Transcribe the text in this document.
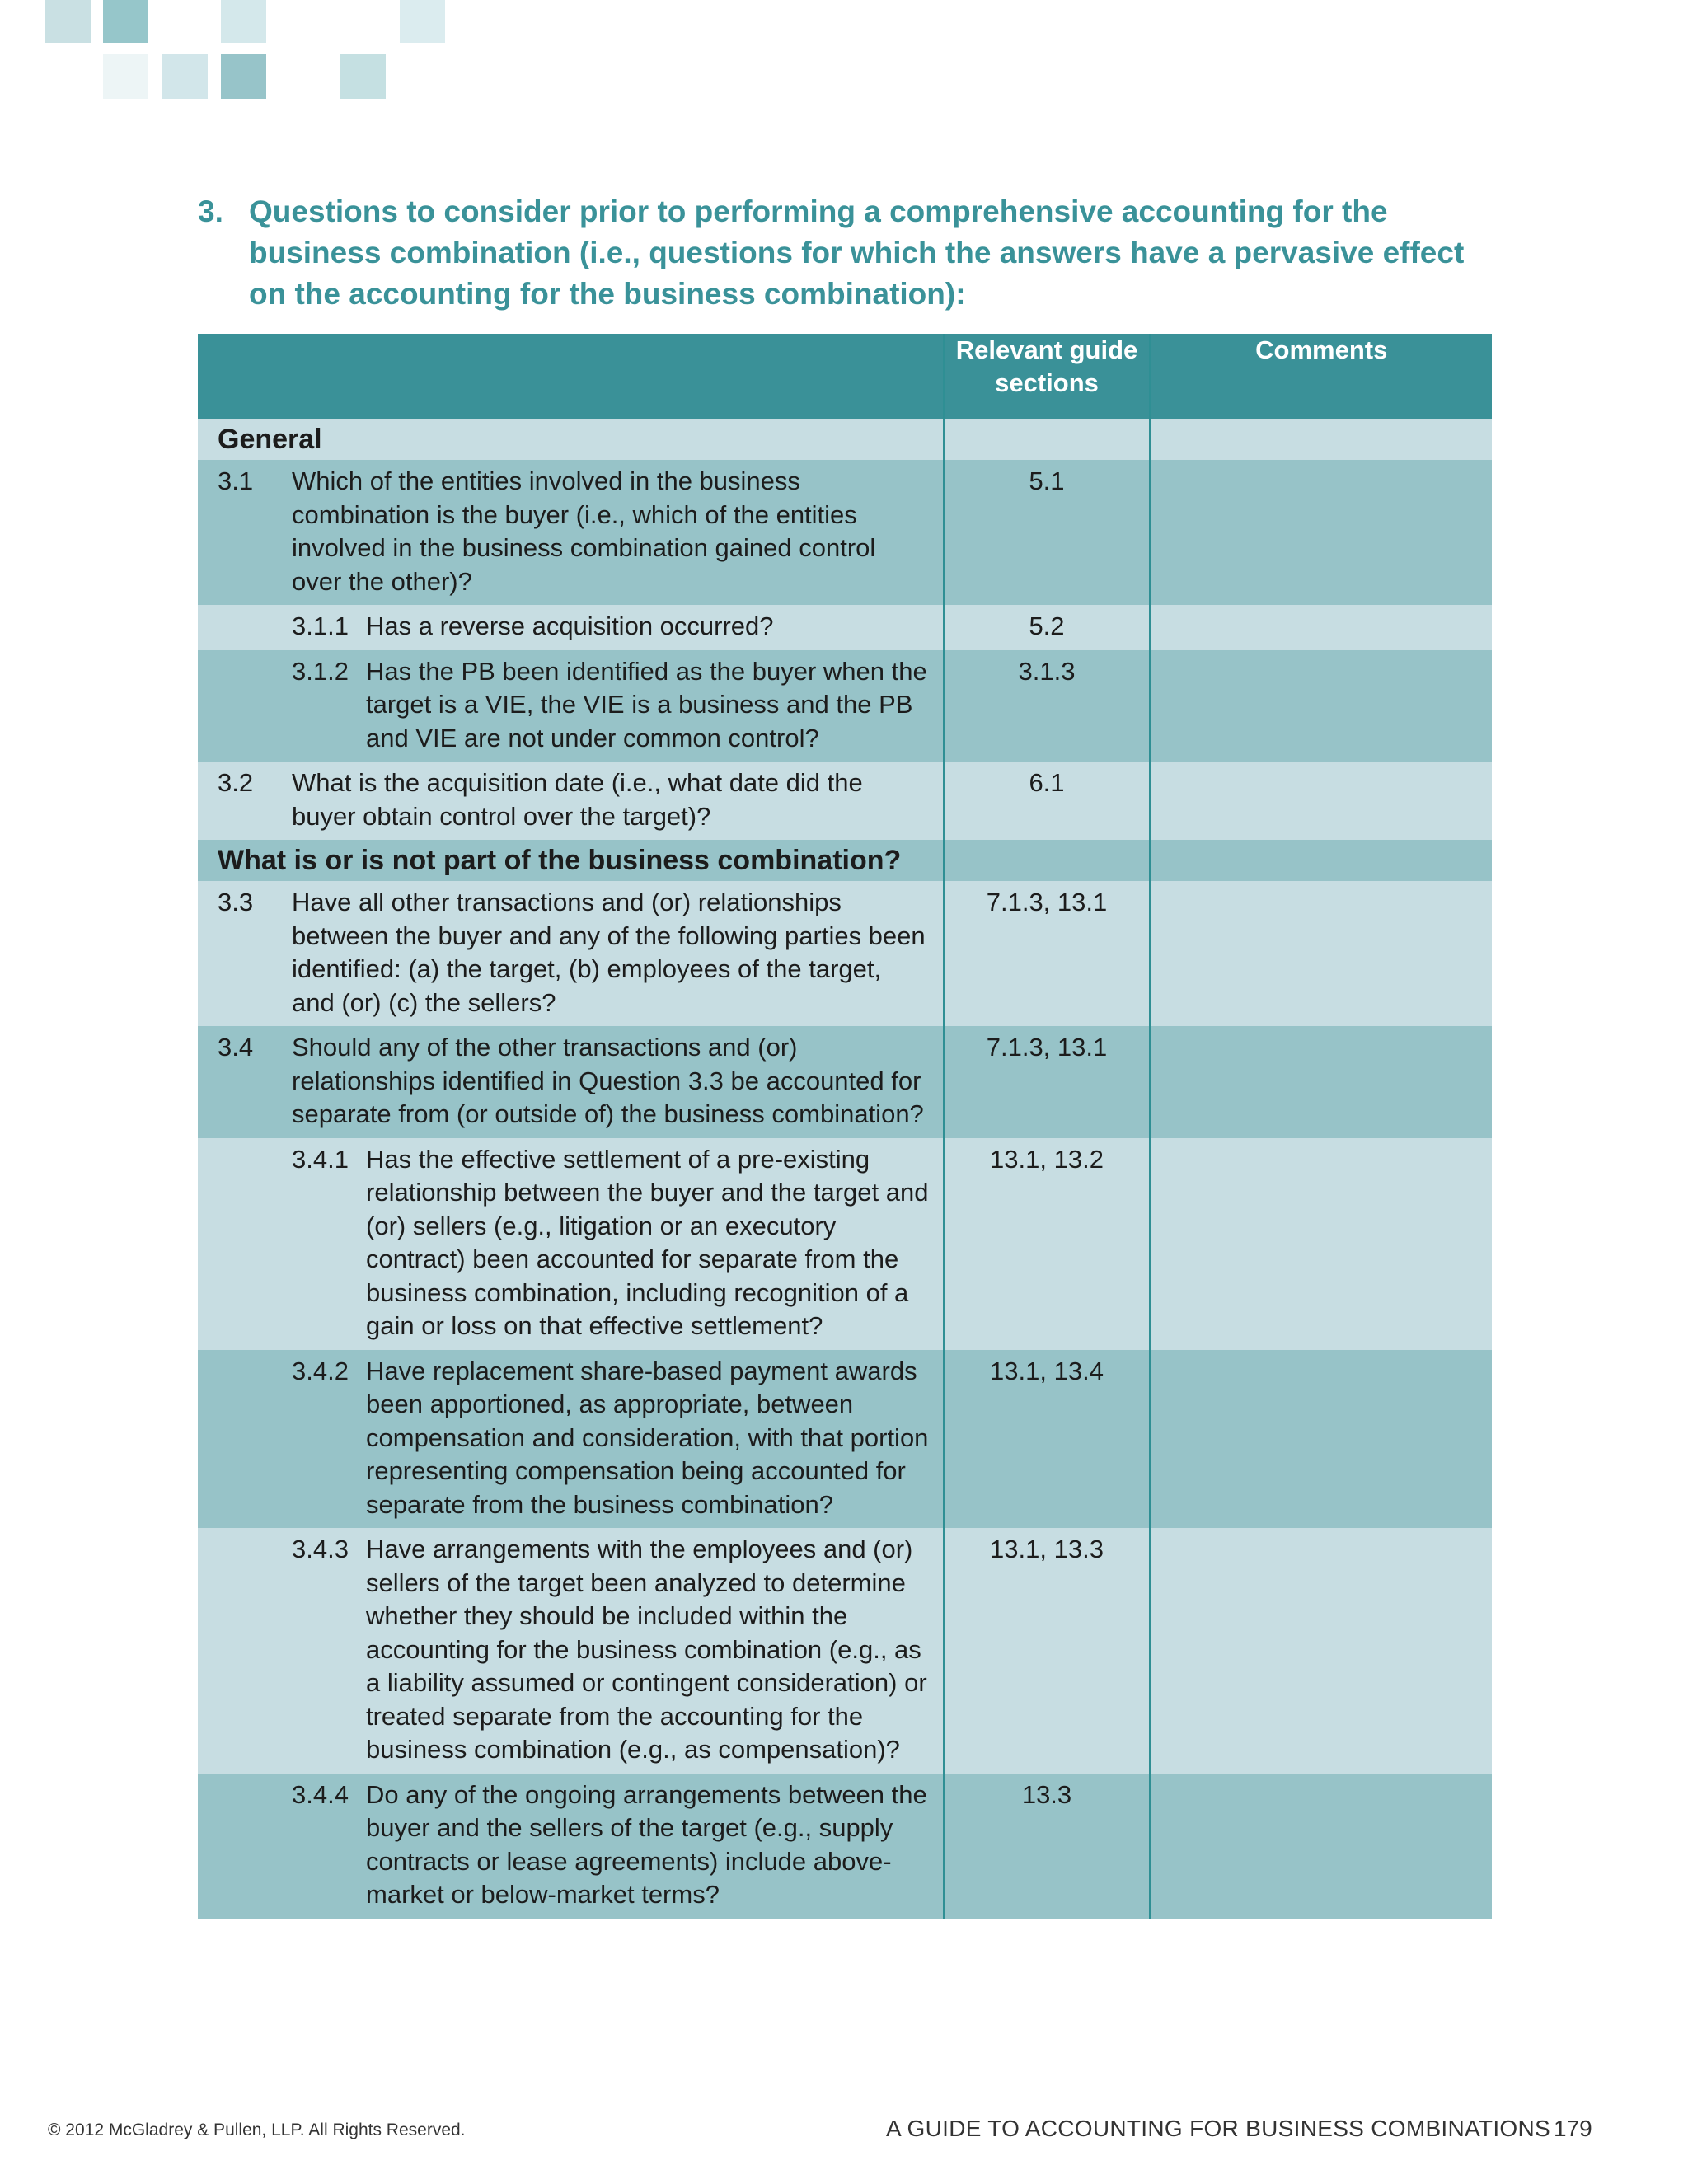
3. Questions to consider prior to performing a comprehensive accounting for the business combination (i.e., questions for which the answers have a pervasive effect on the accounting for the business combination):
	Relevant guide sections	Comments

General		

3.1 Which of the entities involved in the business combination is the buyer (i.e., which of the entities involved in the business combination gained control over the other)?	5.1	

3.1.1 Has a reverse acquisition occurred?	5.2	

3.1.2 Has the PB been identified as the buyer when the target is a VIE, the VIE is a business and the PB and VIE are not under common control?	3.1.3	

3.2 What is the acquisition date (i.e., what date did the buyer obtain control over the target)?	6.1	

What is or is not part of the business combination?		

3.3 Have all other transactions and (or) relationships between the buyer and any of the following parties been identified: (a) the target, (b) employees of the target, and (or) (c) the sellers?	7.1.3, 13.1	

3.4 Should any of the other transactions and (or) relationships identified in Question 3.3 be accounted for separate from (or outside of) the business combination?	7.1.3, 13.1	

3.4.1 Has the effective settlement of a pre-existing relationship between the buyer and the target and (or) sellers (e.g., litigation or an executory contract) been accounted for separate from the business combination, including recognition of a gain or loss on that effective settlement?	13.1, 13.2	

3.4.2 Have replacement share-based payment awards been apportioned, as appropriate, between compensation and consideration, with that portion representing compensation being accounted for separate from the business combination?	13.1, 13.4	

3.4.3 Have arrangements with the employees and (or) sellers of the target been analyzed to determine whether they should be included within the accounting for the business combination (e.g., as a liability assumed or contingent consideration) or treated separate from the accounting for the business combination (e.g., as compensation)?	13.1, 13.3	

3.4.4 Do any of the ongoing arrangements between the buyer and the sellers of the target (e.g., supply contracts or lease agreements) include above-market or below-market terms?	13.3	

© 2012 McGladrey & Pullen, LLP. All Rights Reserved.	A GUIDE TO ACCOUNTING FOR BUSINESS COMBINATIONS 179
